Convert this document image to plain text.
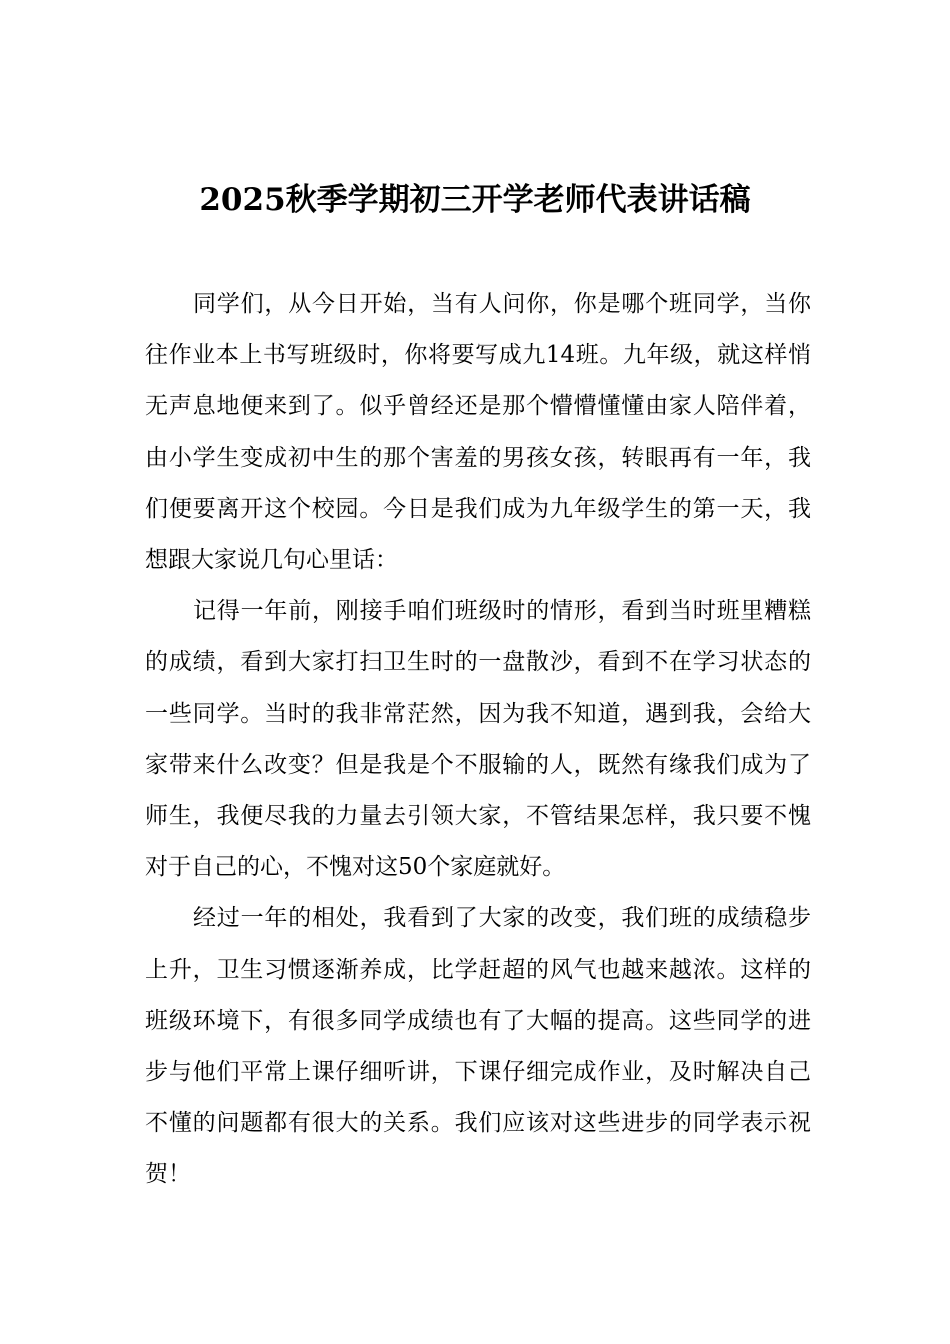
2025秋季学期初三开学老师代表讲话稿

同学们，从今日开始，当有人问你，你是哪个班同学，当你往作业本上书写班级时，你将要写成九14班。九年级，就这样悄无声息地便来到了。似乎曾经还是那个懵懵懂懂由家人陪伴着，由小学生变成初中生的那个害羞的男孩女孩，转眼再有一年，我们便要离开这个校园。今日是我们成为九年级学生的第一天，我想跟大家说几句心里话：

记得一年前，刚接手咱们班级时的情形，看到当时班里糟糕的成绩，看到大家打扫卫生时的一盘散沙，看到不在学习状态的一些同学。当时的我非常茫然，因为我不知道，遇到我，会给大家带来什么改变？但是我是个不服输的人，既然有缘我们成为了师生，我便尽我的力量去引领大家，不管结果怎样，我只要不愧对于自己的心，不愧对这50个家庭就好。

经过一年的相处，我看到了大家的改变，我们班的成绩稳步上升，卫生习惯逐渐养成，比学赶超的风气也越来越浓。这样的班级环境下，有很多同学成绩也有了大幅的提高。这些同学的进步与他们平常上课仔细听讲，下课仔细完成作业，及时解决自己不懂的问题都有很大的关系。我们应该对这些进步的同学表示祝贺！
